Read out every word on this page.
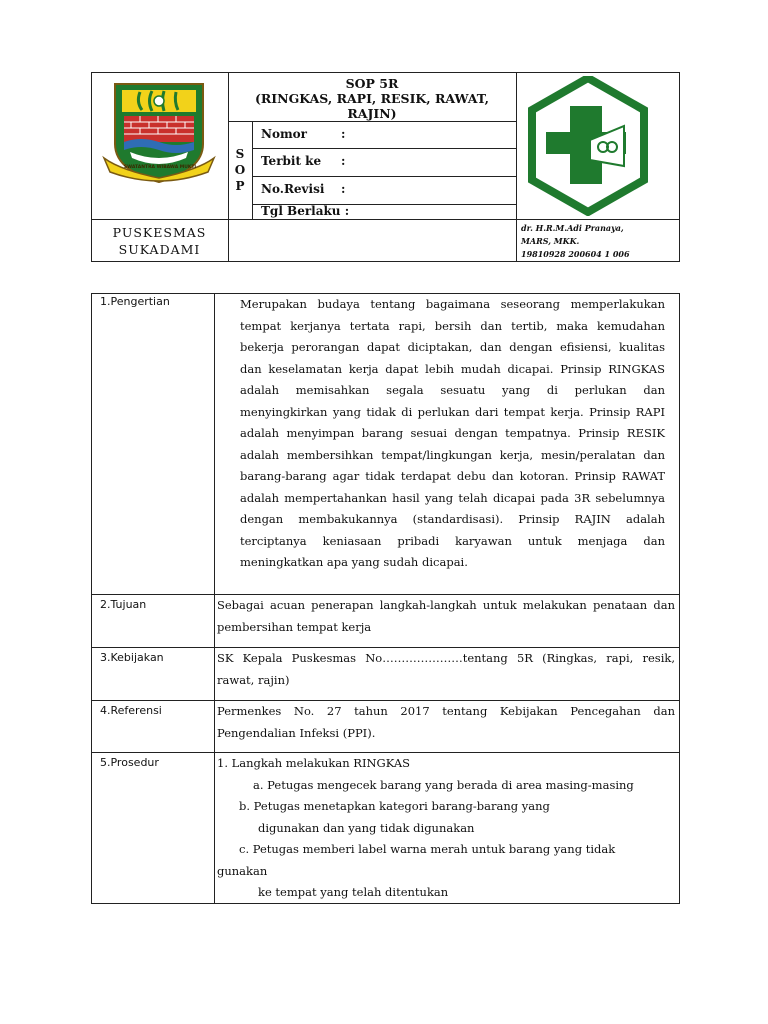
SWATANTRA WIBAWA MUKTI
SOP 5R
(RINGKAS, RAPI, RESIK, RAWAT,
RAJIN)
S
O
P
Nomor	:
Terbit ke :
No.Revisi :
Tgl Berlaku :
PUSKESMAS
SUKADAMI
dr. H.R.M.Adi Pranaya,
MARS, MKK.
19810928 200604 1 006
1.Pengertian
2.Tujuan
3.Kebijakan
4.Referensi
5.Prosedur
Merupakan budaya tentang bagaimana seseorang memperlakukan
tempat kerjanya tertata rapi, bersih dan tertib, maka kemudahan
bekerja perorangan dapat diciptakan, dan dengan efisiensi, kualitas
dan keselamatan kerja dapat lebih mudah dicapai. Prinsip RINGKAS
adalah memisahkan segala sesuatu yang di perlukan dan
menyingkirkan yang tidak di perlukan dari tempat kerja. Prinsip RAPI
adalah menyimpan barang sesuai dengan tempatnya. Prinsip RESIK
adalah membersihkan tempat/lingkungan kerja, mesin/peralatan dan
barang-barang agar tidak terdapat debu dan kotoran. Prinsip RAWAT
adalah mempertahankan hasil yang telah dicapai pada 3R sebelumnya
dengan membakukannya (standardisasi). Prinsip RAJIN adalah
terciptanya keniasaan pribadi karyawan untuk menjaga dan
meningkatkan apa yang sudah dicapai.
Sebagai acuan penerapan langkah-langkah untuk melakukan penataan dan
pembersihan tempat kerja
SK Kepala Puskesmas No…………………tentang 5R (Ringkas, rapi, resik,
rawat, rajin)
Permenkes No. 27 tahun 2017 tentang Kebijakan Pencegahan dan
Pengendalian Infeksi (PPI).
1. Langkah melakukan RINGKAS
a. Petugas mengecek barang yang berada di area masing-masing
b. Petugas menetapkan kategori barang-barang yang
digunakan dan yang tidak digunakan
c. Petugas memberi label warna merah untuk barang yang tidak
gunakan
ke tempat yang telah ditentukan
